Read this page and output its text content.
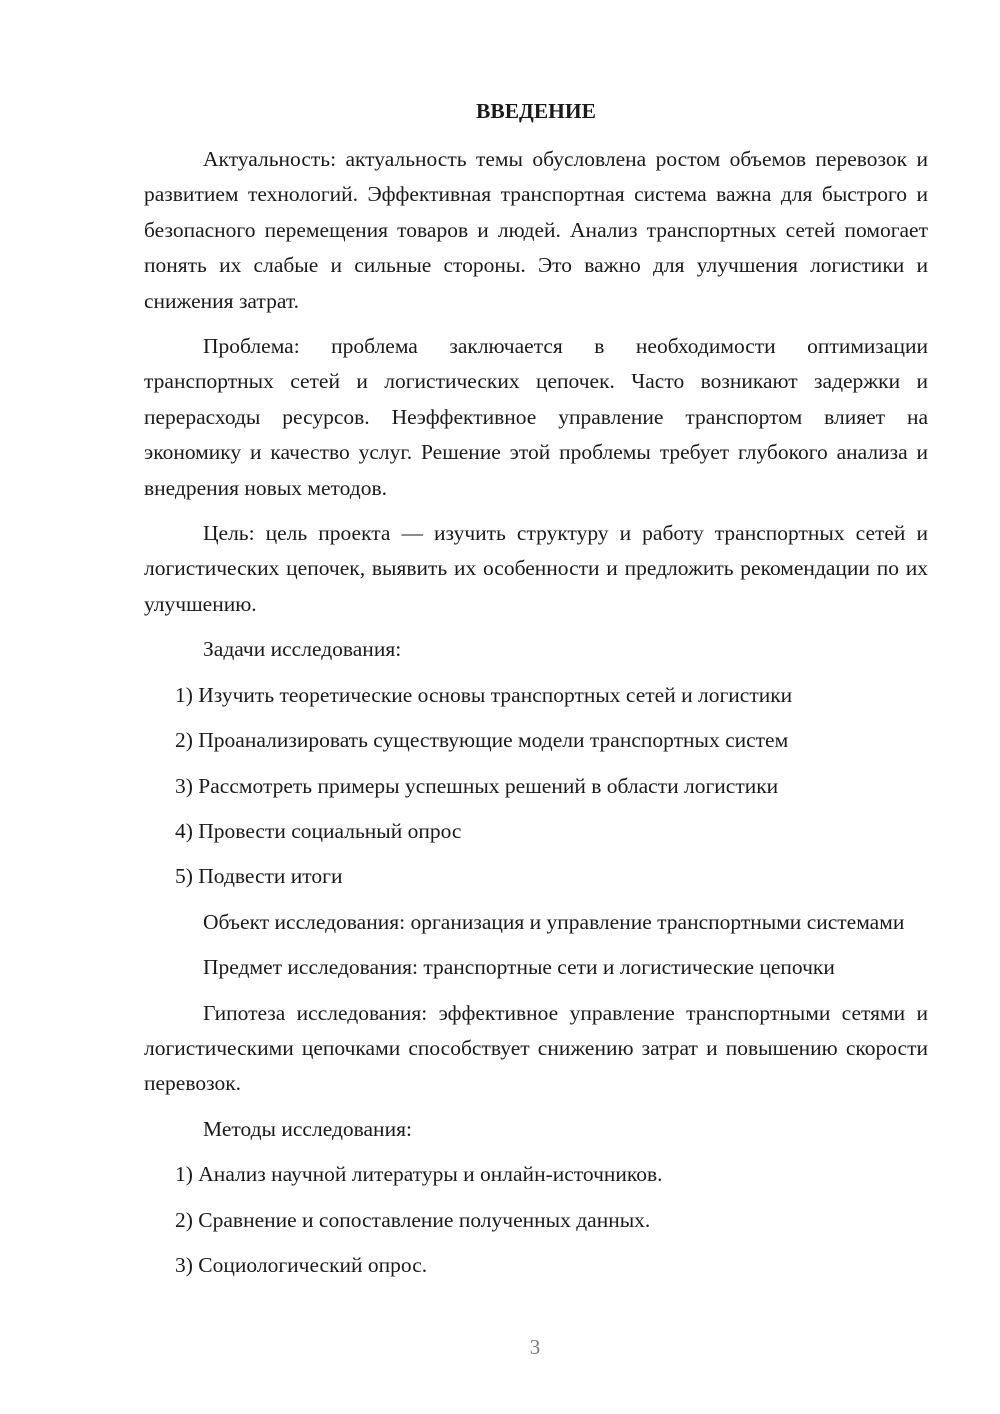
ВВЕДЕНИЕ

Актуальность: актуальность темы обусловлена ростом объемов перевозок и развитием технологий. Эффективная транспортная система важна для быстрого и безопасного перемещения товаров и людей. Анализ транспортных сетей помогает понять их слабые и сильные стороны. Это важно для улучшения логистики и снижения затрат.

Проблема: проблема заключается в необходимости оптимизации транспортных сетей и логистических цепочек. Часто возникают задержки и перерасходы ресурсов. Неэффективное управление транспортом влияет на экономику и качество услуг. Решение этой проблемы требует глубокого анализа и внедрения новых методов.

Цель: цель проекта — изучить структуру и работу транспортных сетей и логистических цепочек, выявить их особенности и предложить рекомендации по их улучшению.

Задачи исследования:
1) Изучить теоретические основы транспортных сетей и логистики
2) Проанализировать существующие модели транспортных систем
3) Рассмотреть примеры успешных решений в области логистики
4) Провести социальный опрос
5) Подвести итоги

Объект исследования: организация и управление транспортными системами

Предмет исследования: транспортные сети и логистические цепочки

Гипотеза исследования: эффективное управление транспортными сетями и логистическими цепочками способствует снижению затрат и повышению скорости перевозок.

Методы исследования:
1) Анализ научной литературы и онлайн-источников.
2) Сравнение и сопоставление полученных данных.
3) Социологический опрос.
3
